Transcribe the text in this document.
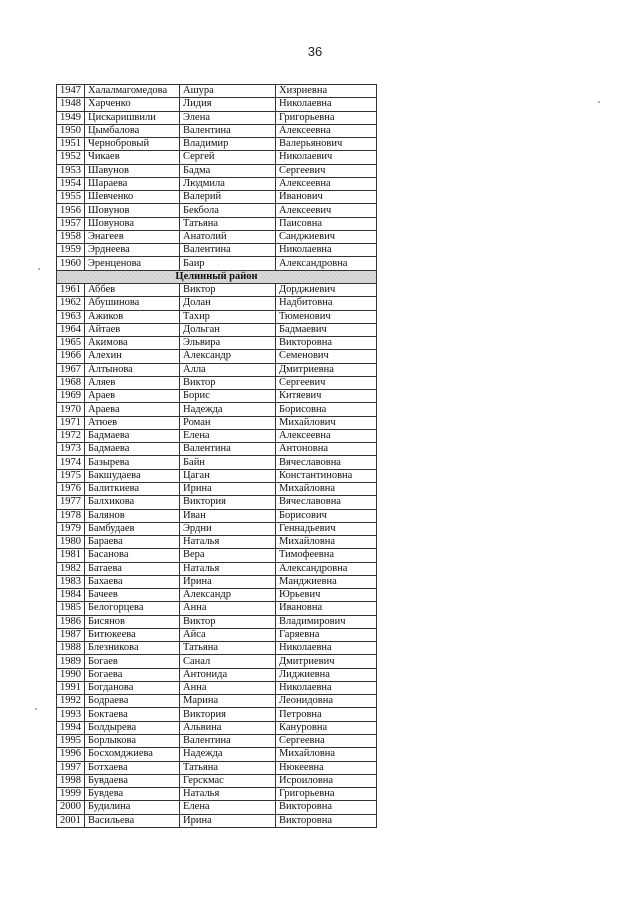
36
1947	Халалмагомедова	Ашура	Хизриевна
1948	Харченко	Лидия	Николаевна
1949	Цискаришвили	Элена	Григорьевна
1950	Цымбалова	Валентина	Алексеевна
1951	Чернобровый	Владимир	Валерьянович
1952	Чикаев	Сергей	Николаевич
1953	Шавунов	Бадма	Сергеевич
1954	Шараева	Людмила	Алексеевна
1955	Шевченко	Валерий	Иванович
1956	Шовунов	Бекбола	Алексеевич
1957	Шовунова	Татьяна	Паисовна
1958	Энагеев	Анатолий	Санджиевич
1959	Эрднеева	Валентина	Николаевна
1960	Эренценова	Баир	Александровна
Целинный район			
1961	Аббев	Виктор	Дорджиевич
1962	Абушинова	Долан	Надбитовна
1963	Ажиков	Тахир	Тюменович
1964	Айтаев	Дольган	Бадмаевич
1965	Акимова	Эльвира	Викторовна
1966	Алехин	Александр	Семенович
1967	Алтынова	Алла	Дмитриевна
1968	Аляев	Виктор	Сергеевич
1969	Араев	Борис	Китяевич
1970	Араева	Надежда	Борисовна
1971	Атюев	Роман	Михайлович
1972	Бадмаева	Елена	Алексеевна
1973	Бадмаева	Валентина	Антоновна
1974	Базырева	Байн	Вячеславовна
1975	Бакшудаева	Цаган	Константиновна
1976	Балиткиева	Ирина	Михайловна
1977	Балхикова	Виктория	Вячеславовна
1978	Балянов	Иван	Борисович
1979	Бамбудаев	Эрдни	Геннадьевич
1980	Бараева	Наталья	Михайловна
1981	Басанова	Вера	Тимофеевна
1982	Батаева	Наталья	Александровна
1983	Бахаева	Ирина	Манджиевна
1984	Бачеев	Александр	Юрьевич
1985	Белогорцева	Анна	Ивановна
1986	Бисянов	Виктор	Владимирович
1987	Битюкеева	Айса	Гаряевна
1988	Блезникова	Татьяна	Николаевна
1989	Богаев	Санал	Дмитриевич
1990	Богаева	Антонида	Лиджиевна
1991	Богданова	Анна	Николаевна
1992	Бодраева	Марина	Леонидовна
1993	Боктаева	Виктория	Петровна
1994	Болдырева	Альвина	Кануровна
1995	Борлыкова	Валентина	Сергеевна
1996	Босхомджиева	Надежда	Михайловна
1997	Ботхаева	Татьяна	Нюкеевна
1998	Бувдаева	Герскмас	Исроиловна
1999	Бувдева	Наталья	Григорьевна
2000	Будилина	Елена	Викторовна
2001	Васильева	Ирина	Викторовна
